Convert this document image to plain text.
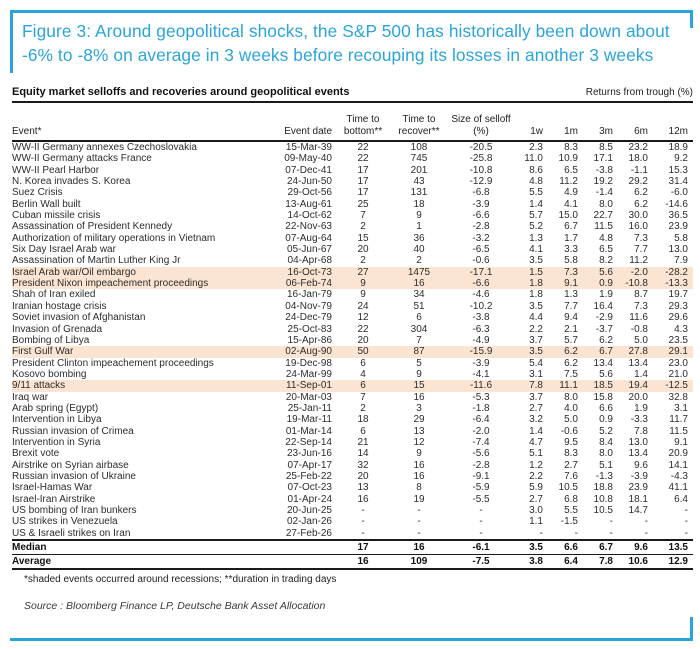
Figure 3: Around geopolitical shocks, the S&P 500 has historically been down about -6% to -8% on average in 3 weeks before recouping its losses in another 3 weeks
Equity market selloffs and recoveries around geopolitical events	Returns from trough (%)
Event*	Event date	Time to bottom**	Time to recover**	Size of selloff (%)	1w	1m	3m	6m	12m
WW-II Germany annexes Czechoslovakia	15-Mar-39	22	108	-20.5	2.3	8.3	8.5	23.2	18.9
WW-II Germany attacks France	09-May-40	22	745	-25.8	11.0	10.9	17.1	18.0	9.2
WW-II Pearl Harbor	07-Dec-41	17	201	-10.8	8.6	6.5	-3.8	-1.1	15.3
N. Korea invades S. Korea	24-Jun-50	17	43	-12.9	4.8	11.2	19.2	29.2	31.4
Suez Crisis	29-Oct-56	17	131	-6.8	5.5	4.9	-1.4	6.2	-6.0
Berlin Wall built	13-Aug-61	25	18	-3.9	1.4	4.1	8.0	6.2	-14.6
Cuban missile crisis	14-Oct-62	7	9	-6.6	5.7	15.0	22.7	30.0	36.5
Assassination of President Kennedy	22-Nov-63	2	1	-2.8	5.2	6.7	11.5	16.0	23.9
Authorization of military operations in Vietnam	07-Aug-64	15	36	-3.2	1.3	1.7	4.8	7.3	5.8
Six Day Israel Arab war	05-Jun-67	20	40	-6.5	4.1	3.3	6.5	7.7	13.0
Assassination of Martin Luther King Jr	04-Apr-68	2	2	-0.6	3.5	5.8	8.2	11.2	7.9
Israel Arab war/Oil embargo	16-Oct-73	27	1475	-17.1	1.5	7.3	5.6	-2.0	-28.2
President Nixon impeachement proceedings	06-Feb-74	9	16	-6.6	1.8	9.1	0.9	-10.8	-13.3
Shah of Iran exiled	16-Jan-79	9	34	-4.6	1.8	1.3	1.9	8.7	19.7
Iranian hostage crisis	04-Nov-79	24	51	-10.2	3.5	7.7	16.4	7.3	29.3
Soviet invasion of Afghanistan	24-Dec-79	12	6	-3.8	4.4	9.4	-2.9	11.6	29.6
Invasion of Grenada	25-Oct-83	22	304	-6.3	2.2	2.1	-3.7	-0.8	4.3
Bombing of Libya	15-Apr-86	20	7	-4.9	3.7	5.7	6.2	5.0	23.5
First Gulf War	02-Aug-90	50	87	-15.9	3.5	6.2	6.7	27.8	29.1
President Clinton impeachement proceedings	19-Dec-98	6	5	-3.9	5.4	6.2	13.4	13.4	23.0
Kosovo bombing	24-Mar-99	4	9	-4.1	3.1	7.5	5.6	1.4	21.0
9/11 attacks	11-Sep-01	6	15	-11.6	7.8	11.1	18.5	19.4	-12.5
Iraq war	20-Mar-03	7	16	-5.3	3.7	8.0	15.8	20.0	32.8
Arab spring (Egypt)	25-Jan-11	2	3	-1.8	2.7	4.0	6.6	1.9	3.1
Intervention in Libya	19-Mar-11	18	29	-6.4	3.2	5.0	0.9	-3.3	11.7
Russian invasion of Crimea	01-Mar-14	6	13	-2.0	1.4	-0.6	5.2	7.8	11.5
Intervention in Syria	22-Sep-14	21	12	-7.4	4.7	9.5	8.4	13.0	9.1
Brexit vote	23-Jun-16	14	9	-5.6	5.1	8.3	8.0	13.4	20.9
Airstrike on Syrian airbase	07-Apr-17	32	16	-2.8	1.2	2.7	5.1	9.6	14.1
Russian invasion of Ukraine	25-Feb-22	20	16	-9.1	2.2	7.6	-1.3	-3.9	-4.3
Israel-Hamas War	07-Oct-23	13	8	-5.9	5.9	10.5	18.8	23.9	41.1
Israel-Iran Airstrike	01-Apr-24	16	19	-5.5	2.7	6.8	10.8	18.1	6.4
US bombing of Iran bunkers	20-Jun-25	-	-	-	3.0	5.5	10.5	14.7	-
US strikes in Venezuela	02-Jan-26	-	-	-	1.1	-1.5	-	-	-
US & Israeli strikes on Iran	27-Feb-26	-	-	-	-	-	-	-	-
Median		17	16	-6.1	3.5	6.6	6.7	9.6	13.5
Average		16	109	-7.5	3.8	6.4	7.8	10.6	12.9
*shaded events occurred around recessions; **duration in trading days
Source : Bloomberg Finance LP, Deutsche Bank Asset Allocation
